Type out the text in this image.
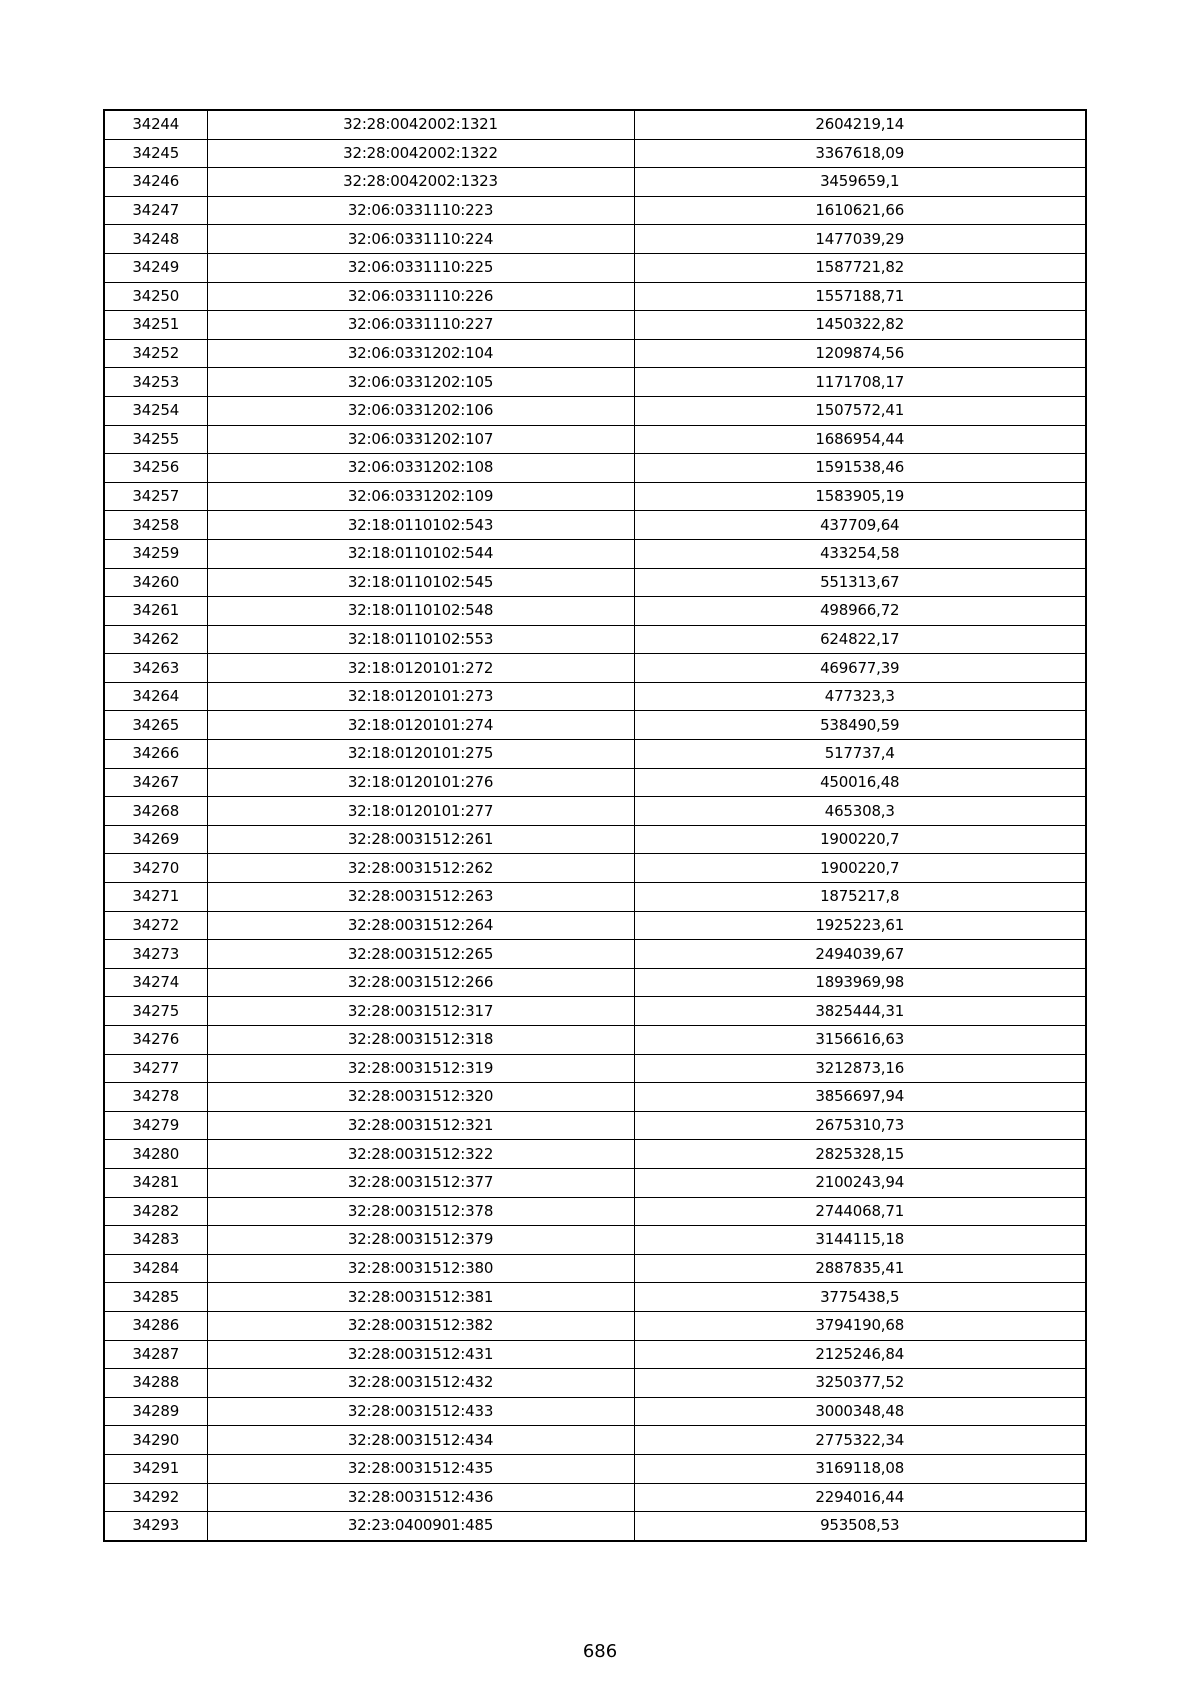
34244	32:28:0042002:1321	2604219,14
34245	32:28:0042002:1322	3367618,09
34246	32:28:0042002:1323	3459659,1
34247	32:06:0331110:223	1610621,66
34248	32:06:0331110:224	1477039,29
34249	32:06:0331110:225	1587721,82
34250	32:06:0331110:226	1557188,71
34251	32:06:0331110:227	1450322,82
34252	32:06:0331202:104	1209874,56
34253	32:06:0331202:105	1171708,17
34254	32:06:0331202:106	1507572,41
34255	32:06:0331202:107	1686954,44
34256	32:06:0331202:108	1591538,46
34257	32:06:0331202:109	1583905,19
34258	32:18:0110102:543	437709,64
34259	32:18:0110102:544	433254,58
34260	32:18:0110102:545	551313,67
34261	32:18:0110102:548	498966,72
34262	32:18:0110102:553	624822,17
34263	32:18:0120101:272	469677,39
34264	32:18:0120101:273	477323,3
34265	32:18:0120101:274	538490,59
34266	32:18:0120101:275	517737,4
34267	32:18:0120101:276	450016,48
34268	32:18:0120101:277	465308,3
34269	32:28:0031512:261	1900220,7
34270	32:28:0031512:262	1900220,7
34271	32:28:0031512:263	1875217,8
34272	32:28:0031512:264	1925223,61
34273	32:28:0031512:265	2494039,67
34274	32:28:0031512:266	1893969,98
34275	32:28:0031512:317	3825444,31
34276	32:28:0031512:318	3156616,63
34277	32:28:0031512:319	3212873,16
34278	32:28:0031512:320	3856697,94
34279	32:28:0031512:321	2675310,73
34280	32:28:0031512:322	2825328,15
34281	32:28:0031512:377	2100243,94
34282	32:28:0031512:378	2744068,71
34283	32:28:0031512:379	3144115,18
34284	32:28:0031512:380	2887835,41
34285	32:28:0031512:381	3775438,5
34286	32:28:0031512:382	3794190,68
34287	32:28:0031512:431	2125246,84
34288	32:28:0031512:432	3250377,52
34289	32:28:0031512:433	3000348,48
34290	32:28:0031512:434	2775322,34
34291	32:28:0031512:435	3169118,08
34292	32:28:0031512:436	2294016,44
34293	32:23:0400901:485	953508,53
686
